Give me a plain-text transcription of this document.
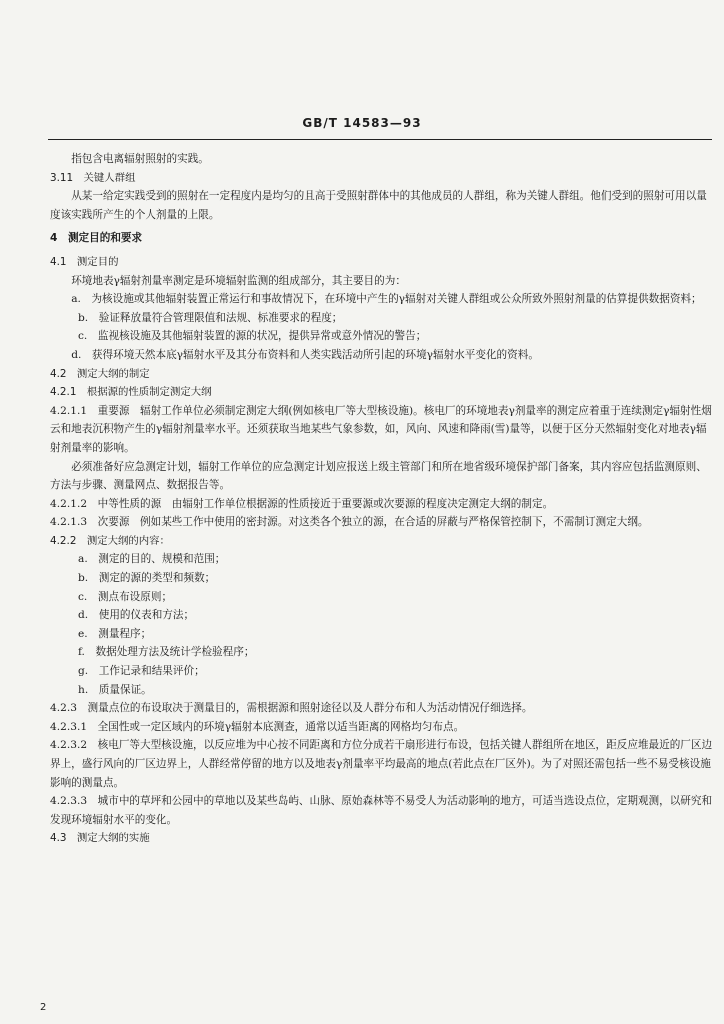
GB/T 14583—93

指包含电离辐射照射的实践。

3.11　关键人群组

从某一给定实践受到的照射在一定程度内是均匀的且高于受照射群体中的其他成员的人群组，称为关键人群组。他们受到的照射可用以量度该实践所产生的个人剂量的上限。

4　测定目的和要求

4.1　测定目的

环境地表γ辐射剂量率测定是环境辐射监测的组成部分，其主要目的为：

a.　为核设施或其他辐射装置正常运行和事故情况下，在环境中产生的γ辐射对关键人群组或公众所致外照射剂量的估算提供数据资料；

b.　验证释放量符合管理限值和法规、标准要求的程度；

c.　监视核设施及其他辐射装置的源的状况，提供异常或意外情况的警告；

d.　获得环境天然本底γ辐射水平及其分布资料和人类实践活动所引起的环境γ辐射水平变化的资料。

4.2　测定大纲的制定

4.2.1　根据源的性质制定测定大纲

4.2.1.1　重要源　辐射工作单位必须制定测定大纲(例如核电厂等大型核设施)。核电厂的环境地表γ剂量率的测定应着重于连续测定γ辐射性烟云和地表沉积物产生的γ辐射剂量率水平。还须获取当地某些气象参数，如，风向、风速和降雨(雪)量等，以便于区分天然辐射变化对地表γ辐射剂量率的影响。

必须准备好应急测定计划，辐射工作单位的应急测定计划应报送上级主管部门和所在地省级环境保护部门备案，其内容应包括监测原则、方法与步骤、测量网点、数据报告等。

4.2.1.2　中等性质的源　由辐射工作单位根据源的性质接近于重要源或次要源的程度决定测定大纲的制定。

4.2.1.3　次要源　例如某些工作中使用的密封源。对这类各个独立的源，在合适的屏蔽与严格保管控制下，不需制订测定大纲。

4.2.2　测定大纲的内容：

a.　测定的目的、规模和范围；

b.　测定的源的类型和频数；

c.　测点布设原则；

d.　使用的仪表和方法；

e.　测量程序；

f.　数据处理方法及统计学检验程序；

g.　工作记录和结果评价；

h.　质量保证。

4.2.3　测量点位的布设取决于测量目的，需根据源和照射途径以及人群分布和人为活动情况仔细选择。

4.2.3.1　全国性或一定区域内的环境γ辐射本底测查，通常以适当距离的网格均匀布点。

4.2.3.2　核电厂等大型核设施，以反应堆为中心按不同距离和方位分成若干扇形进行布设，包括关键人群组所在地区，距反应堆最近的厂区边界上，盛行风向的厂区边界上，人群经常停留的地方以及地表γ剂量率平均最高的地点(若此点在厂区外)。为了对照还需包括一些不易受核设施影响的测量点。

4.2.3.3　城市中的草坪和公园中的草地以及某些岛屿、山脉、原始森林等不易受人为活动影响的地方，可适当选设点位，定期观测，以研究和发现环境辐射水平的变化。

4.3　测定大纲的实施

2
